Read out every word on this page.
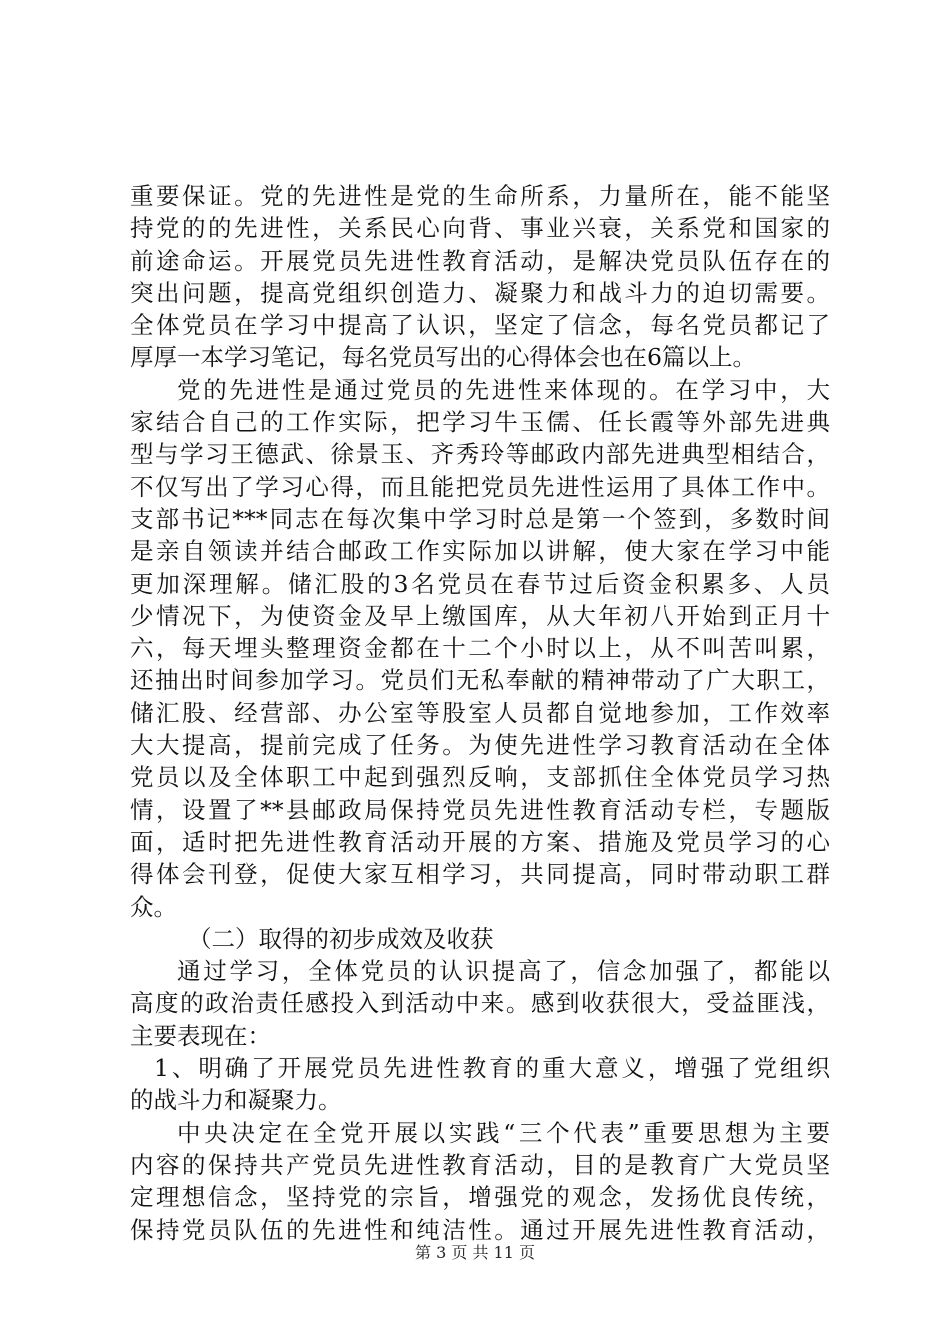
重要保证。党的先进性是党的生命所系，力量所在，能不能坚
持党的的先进性，关系民心向背、事业兴衰，关系党和国家的
前途命运。开展党员先进性教育活动，是解决党员队伍存在的
突出问题，提高党组织创造力、凝聚力和战斗力的迫切需要。
全体党员在学习中提高了认识，坚定了信念，每名党员都记了
厚厚一本学习笔记，每名党员写出的心得体会也在6篇以上。
党的先进性是通过党员的先进性来体现的。在学习中，大
家结合自己的工作实际，把学习牛玉儒、任长霞等外部先进典
型与学习王德武、徐景玉、齐秀玲等邮政内部先进典型相结合，
不仅写出了学习心得，而且能把党员先进性运用了具体工作中。
支部书记***同志在每次集中学习时总是第一个签到，多数时间
是亲自领读并结合邮政工作实际加以讲解，使大家在学习中能
更加深理解。储汇股的3名党员在春节过后资金积累多、人员
少情况下，为使资金及早上缴国库，从大年初八开始到正月十
六，每天埋头整理资金都在十二个小时以上，从不叫苦叫累，
还抽出时间参加学习。党员们无私奉献的精神带动了广大职工，
储汇股、经营部、办公室等股室人员都自觉地参加，工作效率
大大提高，提前完成了任务。为使先进性学习教育活动在全体
党员以及全体职工中起到强烈反响，支部抓住全体党员学习热
情，设置了**县邮政局保持党员先进性教育活动专栏，专题版
面，适时把先进性教育活动开展的方案、措施及党员学习的心
得体会刊登，促使大家互相学习，共同提高，同时带动职工群
众。
（二）取得的初步成效及收获
通过学习，全体党员的认识提高了，信念加强了，都能以
高度的政治责任感投入到活动中来。感到收获很大，受益匪浅，
主要表现在：
1、明确了开展党员先进性教育的重大意义，增强了党组织
的战斗力和凝聚力。
中央决定在全党开展以实践“三个代表”重要思想为主要
内容的保持共产党员先进性教育活动，目的是教育广大党员坚
定理想信念，坚持党的宗旨，增强党的观念，发扬优良传统，
保持党员队伍的先进性和纯洁性。通过开展先进性教育活动，
第 3 页 共 11 页
